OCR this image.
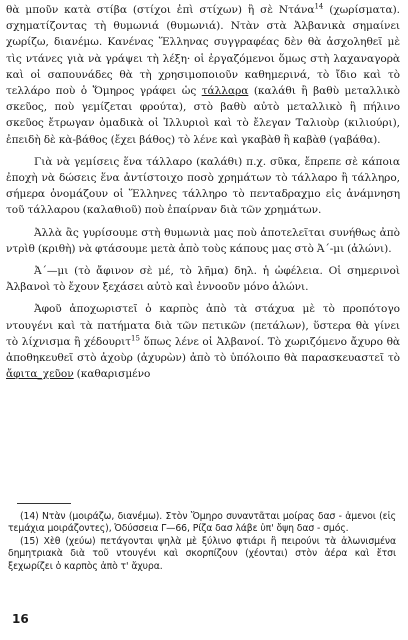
θὰ μποῦν κατὰ στίβα (στίχοι ἐπὶ στίχων) ἢ σὲ Ντάνα$^{14}$ (χωρίσματα). σχηματίζοντας τὴ θυμωνιά (θυμωνιά). Ντὰν στὰ Ἀλβανικὰ σημαίνει χωρίζω, διανέμω. Κανένας Ἕλληνας συγγραφέας δὲν θὰ ἀσχοληθεῖ μὲ τὶς ντάνες γιὰ νὰ γράψει τὴ λέξη· οἱ ἐργαζόμενοι ὅμως στὴ λαχαναγορὰ καὶ οἱ σαπουνάδες θὰ τὴ χρησιμοποιοῦν καθημερινά, τὸ ἴδιο καὶ τὸ τελλάρο ποὺ ὁ Ὅμηρος γράφει ὡς τάλλαρα (καλάθι ἢ βαθὺ μεταλλικὸ σκεῦος, ποὺ γεμίζεται φρούτα), στὸ βαθὺ αὐτὸ μεταλλικὸ ἢ πήλινο σκεῦος ἔτρωγαν ὁμαδικὰ οἱ Ἰλλυριοὶ καὶ τὸ ἔλεγαν Ταλιοὺρ (κιλιούρι), ἐπειδὴ δὲ κὰ-βάθος (ἔχει βάθος) τὸ λένε καὶ γκαβὰθ ἢ καβὰθ (γαβάθα).

Γιὰ νὰ γεμίσεις ἕνα τάλλαρο (καλάθι) π.χ. σῦκα, ἔπρεπε σὲ κάποια ἐποχὴ νὰ δώσεις ἕνα ἀντίστοιχο ποσὸ χρημάτων τὸ τάλλαρο ἢ τάλληρο, σήμερα ὀνομάζουν οἱ Ἕλληνες τάλληρο τὸ πενταδραχμο εἰς ἀνάμνηση τοῦ τάλλαρου (καλαθιοῦ) ποὺ ἐπαίρναν διὰ τῶν χρημάτων.

Ἀλλὰ ἂς γυρίσουμε στὴ θυμωνιὰ μας ποὺ ἀποτελεῖται συνήθως ἀπὸ ντρὶθ (κριθὴ) νὰ φτάσουμε μετὰ ἀπὸ τοὺς κάπους μας στὸ Ἀ΄-μι (ἀλώνι).

Ἀ΄—μι (τὸ ἄφινον σὲ μέ, τὸ λῆμα) δηλ. ἡ ὠφέλεια. Οἱ σημερινοὶ Ἀλβανοὶ τὸ ἔχουν ξεχάσει αὐτὸ καὶ ἐννοοῦν μόνο ἀλώνι.

Ἀφοῦ ἀποχωριστεῖ ὁ καρπὸς ἀπὸ τὰ στάχυα μὲ τὸ προπότογο ντουγένι καὶ τὰ πατήματα διὰ τῶν πετικῶν (πετάλων), ὕστερα θὰ γίνει τὸ λίχνισμα ἢ χέδουριτ$^{15}$ ὅπως λένε οἱ Ἀλβανοί. Τὸ χωριζόμενο ἄχυρο θὰ ἀποθηκευθεῖ στὸ ἀχοὺρ (ἀχυρὼν) ἀπὸ τὸ ὑπόλοιπο θὰ παρασκευαστεῖ τὸ ἄφιτα_χεῦον (καθαρισμένο

(14) Ντὰν (μοιράζω, διανέμω). Στὸν Ὅμηρο συναντᾶται μοίρας δασ - ἀμενοι (εἰς τεμάχια μοιράζοντες), Ὀδύσσεια Γ—66, Ρίζα δασ λάβε ὑπ' ὄψη δασ - σμός.

(15) Χὲθ (χεύω) πετάγονται ψηλὰ μὲ ξύλινο φτιάρι ἢ πειρούνι τὰ ἀλωνισμένα δημητριακὰ διὰ τοῦ ντουγένι καὶ σκορπίζουν (χέονται) στὸν ἀέρα καὶ ἔτσι ξεχωρίζει ὁ καρπὸς ἀπὸ τ' ἄχυρα.

16
